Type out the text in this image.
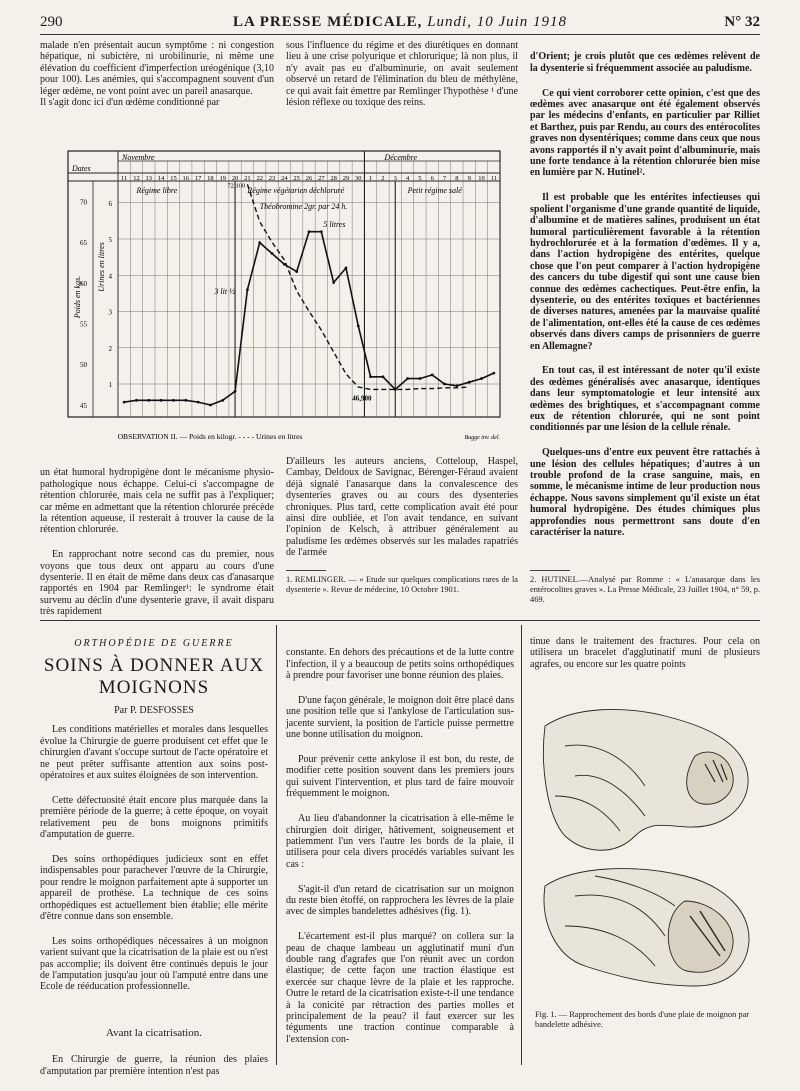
290	LA PRESSE MÉDICALE, Lundi, 10 Juin 1918	N° 32
malade n'en présentait aucun symptôme : ni congestion hépatique, ni subictère, ni urobilinurie, ni même une élévation du coefficient d'imperfection uréogénique (3,10 pour 100). Les anémies, qui s'accompagnent souvent d'un léger œdème, ne vont point avec un pareil anasarque.
Il s'agit donc ici d'un œdème conditionné par
sous l'influence du régime et des diurétiques en donnant lieu à une crise polyurique et chlorurique; là non plus, il n'y avait pas eu d'albuminurie, on avait seulement observé un retard de l'élimination du bleu de méthylène, ce qui avait fait émettre par Remlinger l'hypothèse ¹ d'une lésion réflexe ou toxique des reins.

d'Orient; je crois plutôt que ces œdèmes relèvent de la dysenterie si fréquemment associée au paludisme.

Ce qui vient corroborer cette opinion, c'est que des œdèmes avec anasarque ont été également observés par les médecins d'enfants, en particulier par Rilliet et Barthez, puis par Rendu, au cours des entérocolites graves non dysentériques; comme dans ceux que nous avons rapportés il n'y avait point d'albuminurie, mais une forte tendance à la rétention chlorurée bien mise en lumière par N. Hutinel².

Il est probable que les entérites infectieuses qui spolient l'organisme d'une grande quantité de liquide, d'albumine et de matières salines, produisent un état humoral particulièrement favorable à la rétention hydrochlorurée et à la formation d'œdèmes. Il y a, dans l'action hydropigène des entérites, quelque chose que l'on peut comparer à l'action hydropigène des cancers du tube digestif qui sont une cause bien connue des œdèmes cachectiques. Peut-être enfin, la dysenterie, ou des entérites toxiques et bactériennes de diverses natures, amenées par la mauvaise qualité de l'alimentation, ont-elles été la cause de ces œdèmes observés dans divers camps de prisonniers de guerre en Allemagne?

En tout cas, il est intéressant de noter qu'il existe des œdèmes généralisés avec anasarque, identiques dans leur symptomatologie et leur intensité aux œdèmes des brightiques, et s'accompagnant comme eux de rétention chlorurée, qui ne sont point conditionnés par une lésion de la cellule rénale.

Quelques-uns d'entre eux peuvent être rattachés à une lésion des cellules hépatiques; d'autres à un trouble profond de la crase sanguine, mais, en somme, le mécanisme intime de leur production nous échappe. Nous savons simplement qu'il existe un état humoral hydropigène. Des études chimiques plus approfondies nous permettront sans doute d'en caractériser la nature.

11 12 13 14 15 16 17 18 19 20 21 22 23 24 25 26 27 28 29 30 1 2 3 4 5 6 7 8 9 10 11
Novembre	Décembre
Dates
6
5
4
3
2
1
70
65
60
55
50
45
Poids en kgs.
Urines en litres
Régime libre	Régime végétarien déchloruré	Petit régime salé
Théobromine 2gr. par 24 h.
72,100
46,900
5 litres
3 lit ½
OBSERVATION II. — Poids en kilogr. - - - - Urines en litres	Bugge inv. del.

un état humoral hydropigène dont le mécanisme physio-pathologique nous échappe. Celui-ci s'accompagne de rétention chlorurée, mais cela ne suffit pas à l'expliquer; car même en admettant que la rétention chlorurée précède la rétention aqueuse, il resterait à trouver la cause de la rétention chlorurée.

En rapprochant notre second cas du premier, nous voyons que tous deux ont apparu au cours d'une dysenterie. Il en était de même dans deux cas d'anasarque rapportés en 1904 par Remlinger¹: le syndrome était survenu au déclin d'une dysenterie grave, il avait disparu très rapidement

D'ailleurs les auteurs anciens, Cotteloup, Haspel, Cambay, Deldoux de Savignac, Bérenger-Féraud avaient déjà signalé l'anasarque dans la convalescence des dysenteries graves ou au cours des dysenteries chroniques. Plus tard, cette complication avait été pour ainsi dire oubliée, et l'on avait tendance, en suivant l'opinion de Kelsch, à attribuer généralement au paludisme les œdèmes observés sur les malades rapatriés de l'armée
1. REMLINGER. — « Etude sur quelques complications rares de la dysenterie ». Revue de médecine, 10 Octobre 1901.
2. HUTINEL.—Analysé par Romme : « L'anasarque dans les entérocolites graves ». La Presse Médicale, 23 Juillet 1904, n° 59, p. 469.
ORTHOPÉDIE DE GUERRE
SOINS À DONNER AUX MOIGNONS
Par P. DESFOSSES

Les conditions matérielles et morales dans lesquelles évolue la Chirurgie de guerre produisent cet effet que le chirurgien d'avant s'occupe surtout de l'acte opératoire et ne peut prêter suffisante attention aux soins post-opératoires et aux suites éloignées de son intervention.

Cette défectuosité était encore plus marquée dans la première période de la guerre; à cette époque, on voyait relativement peu de bons moignons primitifs d'amputation de guerre.

Des soins orthopédiques judicieux sont en effet indispensables pour parachever l'œuvre de la Chirurgie, pour rendre le moignon parfaitement apte à supporter un appareil de prothèse. La technique de ces soins orthopédiques est actuellement bien établie; elle mérite d'être connue dans son ensemble.

Les soins orthopédiques nécessaires à un moignon varient suivant que la cicatrisation de la plaie est ou n'est pas accomplie; ils doivent être continués depuis le jour de l'amputation jusqu'au jour où l'amputé entre dans une Ecole de rééducation professionnelle.

Avant la cicatrisation.

En Chirurgie de guerre, la réunion des plaies d'amputation par première intention n'est pas

constante. En dehors des précautions et de la lutte contre l'infection, il y a beaucoup de petits soins orthopédiques à prendre pour favoriser une bonne réunion des plaies.

D'une façon générale, le moignon doit être placé dans une position telle que si l'ankylose de l'articulation sus-jacente survient, la position de l'article puisse permettre une bonne utilisation du moignon.

Pour prévenir cette ankylose il est bon, du reste, de modifier cette position souvent dans les premiers jours qui suivent l'intervention, et plus tard de faire mouvoir fréquemment le moignon.

Au lieu d'abandonner la cicatrisation à elle-même le chirurgien doit diriger, hâtivement, soigneusement et patiemment l'un vers l'autre les bords de la plaie, il utilisera pour cela divers procédés variables suivant les cas :

S'agit-il d'un retard de cicatrisation sur un moignon du reste bien étoffé, on rapprochera les lèvres de la plaie avec de simples bandelettes adhésives (fig. 1).

L'écartement est-il plus marqué? on collera sur la peau de chaque lambeau un agglutinatif muni d'un double rang d'agrafes que l'on réunit avec un cordon élastique; de cette façon une traction élastique est exercée sur chaque lèvre de la plaie et les rapproche. Outre le retard de la cicatrisation existe-t-il une tendance à la conicité par rétraction des parties molles et principalement de la peau? il faut exercer sur les téguments une traction continue comparable à l'extension con-

tinue dans le traitement des fractures. Pour cela on utilisera un bracelet d'agglutinatif muni de plusieurs agrafes, ou encore sur les quatre points
Fig. 1. — Rapprochement des bords d'une plaie de moignon par bandelette adhésive.
